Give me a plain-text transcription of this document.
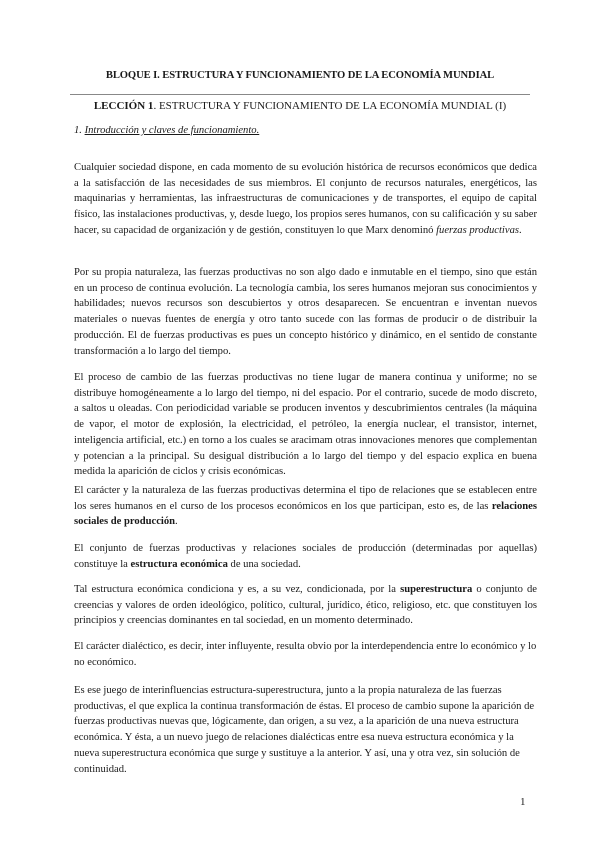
BLOQUE I. ESTRUCTURA Y FUNCIONAMIENTO DE LA ECONOMÍA MUNDIAL
LECCIÓN 1. ESTRUCTURA Y FUNCIONAMIENTO DE LA ECONOMÍA MUNDIAL (I)
1. Introducción y claves de funcionamiento.

Cualquier sociedad dispone, en cada momento de su evolución histórica de recursos económicos que dedica a la satisfacción de las necesidades de sus miembros. El conjunto de recursos naturales, energéticos, las maquinarias y herramientas, las infraestructuras de comunicaciones y de transportes, el equipo de capital físico, las instalaciones productivas, y, desde luego, los propios seres humanos, con su calificación y su saber hacer, su capacidad de organización y de gestión, constituyen lo que Marx denominó fuerzas productivas.

Por su propia naturaleza, las fuerzas productivas no son algo dado e inmutable en el tiempo, sino que están en un proceso de continua evolución. La tecnología cambia, los seres humanos mejoran sus conocimientos y habilidades; nuevos recursos son descubiertos y otros desaparecen. Se encuentran e inventan nuevos materiales o nuevas fuentes de energía y otro tanto sucede con las formas de producir o de distribuir la producción. El de fuerzas productivas es pues un concepto histórico y dinámico, en el sentido de constante transformación a lo largo del tiempo.

El proceso de cambio de las fuerzas productivas no tiene lugar de manera continua y uniforme; no se distribuye homogéneamente a lo largo del tiempo, ni del espacio. Por el contrario, sucede de modo discreto, a saltos u oleadas. Con periodicidad variable se producen inventos y descubrimientos centrales (la máquina de vapor, el motor de explosión, la electricidad, el petróleo, la energía nuclear, el transistor, internet, inteligencia artificial, etc.) en torno a los cuales se aracimam otras innovaciones menores que complementan y potencian a la principal. Su desigual distribución a lo largo del tiempo y del espacio explica en buena medida la aparición de ciclos y crisis económicas.

El carácter y la naturaleza de las fuerzas productivas determina el tipo de relaciones que se establecen entre los seres humanos en el curso de los procesos económicos en los que participan, esto es, de las relaciones sociales de producción.

El conjunto de fuerzas productivas y relaciones sociales de producción (determinadas por aquellas) constituye la estructura económica de una sociedad.

Tal estructura económica condiciona y es, a su vez, condicionada, por la superestructura o conjunto de creencias y valores de orden ideológico, político, cultural, jurídico, ético, religioso, etc. que constituyen los principios y creencias dominantes en tal sociedad, en un momento determinado.

El carácter dialéctico, es decir, inter influyente, resulta obvio por la interdependencia entre lo económico y lo no económico.

Es ese juego de interinfluencias estructura-superestructura, junto a la propia naturaleza de las fuerzas productivas, el que explica la continua transformación de éstas. El proceso de cambio supone la aparición de fuerzas productivas nuevas que, lógicamente, dan origen, a su vez, a la aparición de una nueva estructura económica. Y ésta, a un nuevo juego de relaciones dialécticas entre esa nueva estructura económica y la nueva superestructura económica que surge y sustituye a la anterior. Y así, una y otra vez, sin solución de continuidad.

1
